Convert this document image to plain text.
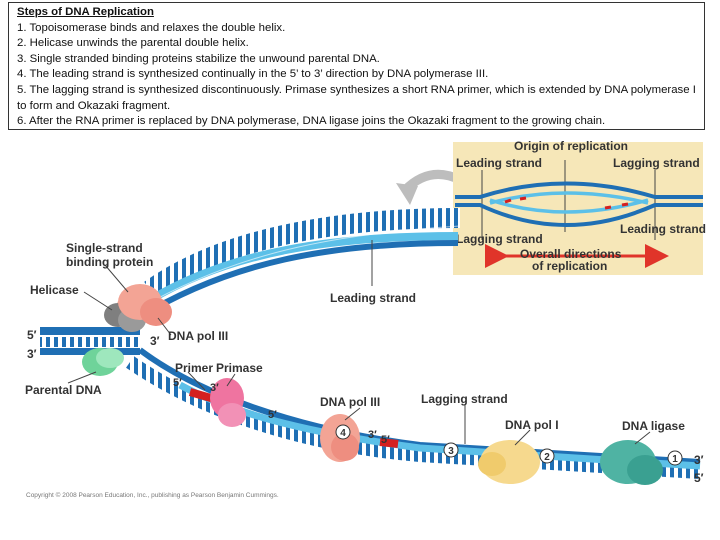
Origin of replication
Leading strand	Lagging strand
Lagging strand
Leading strand
Overall directions
of replication
1
2
3
4
Single-strand
binding protein
Helicase
Leading strand
DNA pol III
Primer Primase
Parental DNA
DNA pol III	Lagging strand
DNA pol I	DNA ligase
5′
3′
3′
5′	3′
5′
3′ 5′
3′
5′
Steps of DNA Replication
1. Topoisomerase binds and relaxes the double helix.
2. Helicase unwinds the parental double helix.
3. Single stranded binding proteins stabilize the unwound parental DNA.
4. The leading strand is synthesized continually in the 5’ to 3’ direction by DNA polymerase III.
5. The lagging strand is synthesized discontinuously. Primase synthesizes a short RNA primer, which is extended by DNA polymerase I to form and Okazaki fragment.
6. After the RNA primer is replaced by DNA polymerase, DNA ligase joins the Okazaki fragment to the growing chain.
Copyright © 2008 Pearson Education, Inc., publishing as Pearson Benjamin Cummings.
